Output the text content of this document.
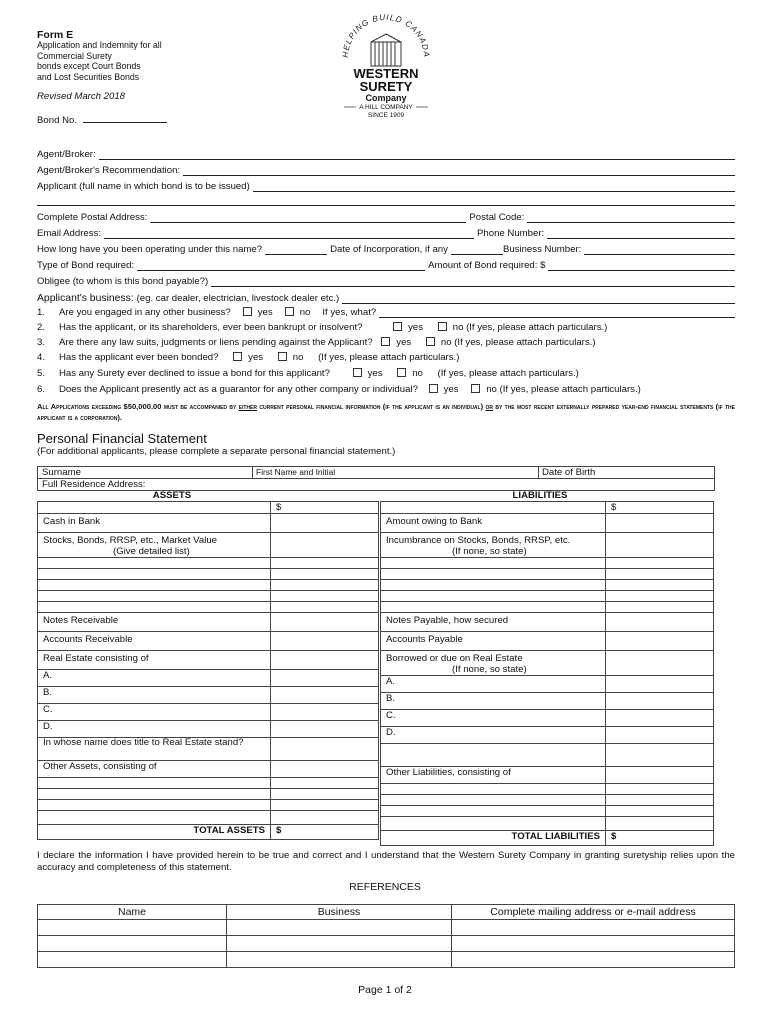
Form E
Application and Indemnity for all
Commercial Surety
bonds except Court Bonds
and Lost Securities Bonds
Revised March 2018
Bond No.
HELPING BUILD CANADA
WESTERN
SURETY
Company
A HILL COMPANY
SINCE 1909
Agent/Broker:
Agent/Broker's Recommendation:
Applicant (full name in which bond is to be issued)
Complete Postal Address:	Postal Code:
Email Address:	Phone Number:
How long have you been operating under this name?	Date of Incorporation, if any	Business Number:
Type of Bond required:	Amount of Bond required: $
Obligee (to whom is this bond payable?)
Applicant's business:
(eg. car dealer, electrician, livestock dealer etc.)
1.	Are you engaged in any other business?	yes	no If yes, what?
2. Has the applicant, or its shareholders, ever been bankrupt or insolvent?	yes	no (If yes, please attach particulars.)
3. Are there any law suits, judgments or liens pending against the Applicant? yes	no (If yes, please attach particulars.)
4. Has the applicant ever been bonded?	yes	no (If yes, please attach particulars.)
5. Has any Surety ever declined to issue a bond for this applicant?	yes	no (If yes, please attach particulars.)
6. Does the Applicant presently act as a guarantor for any other company or individual?	yes	no (If yes, please attach particulars.)
All Applications exceeding $50,000.00 must be accompanied by either current personal financial information (if the applicant is an individual) or by the most recent externally prepared year-end financial statements (if the applicant is a corporation).
Personal Financial Statement
(For additional applicants, please complete a separate personal financial statement.)
Surname	First Name and Initial	Date of Birth
Full Residence Address:
ASSETS	LIABILITIES
	$
Cash in Bank	

Stocks, Bonds, RRSP, etc., Market Value
(Give detailed list)	

Notes Receivable	
Accounts Receivable	
Real Estate consisting of	
A.	
B.	
C.	
D.	
In whose name does title to Real Estate stand?	
Other Assets, consisting of	

TOTAL ASSETS	$
	$
Amount owing to Bank	

Incumbrance on Stocks, Bonds, RRSP, etc.
(If none, so state)	

Notes Payable, how secured	
Accounts Payable	

Borrowed or due on Real Estate
(If none, so state)	

A.	
B.	
C.	
D.	

Other Liabilities, consisting of	

TOTAL LIABILITIES	$
I declare the information I have provided herein to be true and correct and I understand that the Western Surety Company in granting suretyship relies upon the accuracy and completeness of this statement.
REFERENCES
Name	Business	Complete mailing address or e-mail address

Page 1 of 2
